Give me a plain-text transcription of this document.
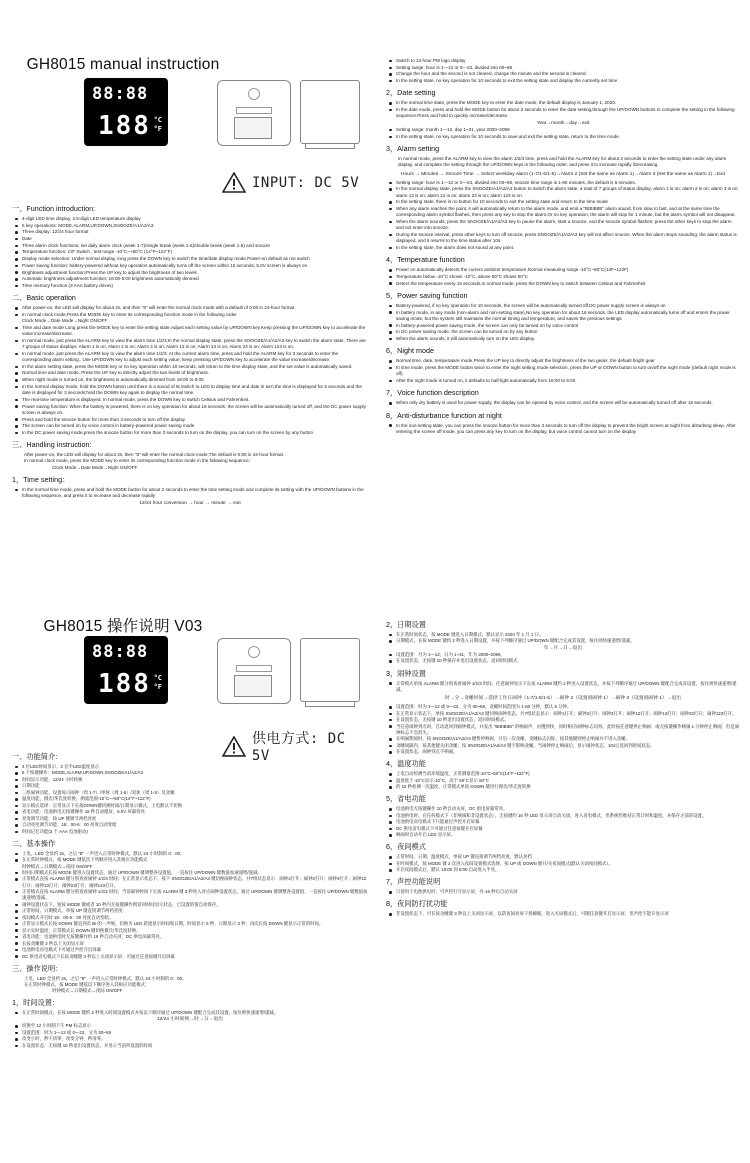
GH8015 manual instruction
88:88
188 °C
°F
INPUT: DC 5V
一、Function introduction:
4-digit LED time display, 2.5-digit LED temperature display
5 key operations: MODE,ALARM,UP,DOWN,SNOOZE/A1/A2/A3
Three display: 12/24 hour format
Date
Three alarm clock functions, set daily alarm clock (week 1-7)/single break (week 1-6)/double break (week 1-5) and snooze
Temperature function: C/F Switch , test range -10°C~+50°C (14°F~122°F)
Display mode selection: Under normal display, long press the DOWN key to switch the time/date display mode,Power-on default as not switch
Power saving function: battery-powered without key operation automatically turns off the screen within 15 seconds, 5.0V screen is always on
Brightness adjustment function;Press the UP key to adjust the brightness of two levels
Automatic brightness adjustment function; 18:00-6:00 brightness automatically dimmed
Time memory function (3 AAA battery drives)
二、Basic operation
After power-on, the LED will display for about 2s, and then "8" will enter the normal clock mode with a default of 0:00 in 24-hour format.
In normal clock mode,Press the MODE key to enter its corresponding function mode in the following order
Clock Mode→Date Mode→Night ON/OFF
Time and date mode Long press the MODE key to enter the setting state.Adjust each setting value by UP/DOWN key.Keep pressing the UP/DOWN key to accelerate the value increase/decrease.
In normal mode, just press the ALARM key to view the alarm time 1/2/3;In the normal display state, press the SNOOZE/A1/A2/A3 key to switch the alarm state, There are 7 groups of status displays: Alarm 1 is on; Alarm 2 is on; Alarm 3 is on; Alarm 12 is on; Alarm 13 is on; Alarm 23 is on; Alarm 123 is on.
In normal mode, just press the ALARM key to view the alarm time 1/2/3. At the current alarm time, press and hold the ALARM key for 3 seconds to enter the corresponding alarm setting.. Use UP/DOWN key to adjust each setting value, keep pressing UP/DOWN key to accelerate the value increase/decrease.
In the alarm setting state, press the MODE key or no key operation within 10 seconds, will return to the time display state, and the set value is automatically saved.
Normal time and date mode, Press the UP key to directly adjust the two levels of brightness.
When night mode is turned on, the brightness is automatically dimmed from 18:00 to 6:00.
In the normal display mode, hold the DOWN button until there is a sound of 8i,Switch to LED to display time and date in turn,the time is displayed for 5 seconds and the date is displayed for 3 seconds;hold the DOWN key again to display the normal time.
The real-time temperature is displayed. In normal mode, press the DOWN key to switch Celsius and Fahrenheit.
Power saving function: When the battery is powered, there is no key operation for about 16 seconds, the screen will be automatically turned off, and the DC power supply screen is always on.
Press and hold the snooze button for more than 3 seconds to turn off the display
The screen can be turned on by voice control in battery-powered power saving mode
In the DC power saving mode,press the snooze button for more than 3 seconds to turn on the display, you can turn on the screen by any button
三、Handling instruction:
After power-on, the LED will display for about 2s, then "8" will enter the normal clock mode,The default is 0:00 in 24-hour format.
In normal clock mode, press the MODE key to enter its corresponding function mode in the following sequence:
Clock Mode→Date Mode→Night ON/OFF
1，Time setting：
In the normal time mode, press and hold the MODE button for about 2 seconds to enter the time setting mode and complete its setting with the UP/DOWN buttons in the following sequence, and press it to increase and decrease rapidly
12/24 hour conversion → hour → minute → exit
Switch to 12-hour PM logo display
Setting range: hour is 1—12 or 0—23, divided into 00~59
Change the hour and the second is not cleared, change the minute and the second is cleared.
In the setting state, no key operation for 10 seconds to exit the setting state and display the currently set time
2，Date setting
In the normal time state, press the MODE key to enter the date mode, the default display is January 1, 2020.
In the date mode, press and hold the MODE button for about 2 seconds to enter the date setting,through the UP/DOWN buttons to complete the setting in the following sequence.Press and hold to quickly increase/decrease.
Year→month→day→exit
Setting range: month 1—12, day 1~31, year 2000~2099
In the setting state, no key operation for 10 seconds to save and exit the setting state, return to the time mode
3，Alarm setting
In normal mode, press the ALARM key to view the alarm 1/2/3 time, press and hold the ALARM key for about 2 seconds to enter the setting state under any alarm display, and complete the setting through the UP/DOWN keys in the following order, and press it to increase rapidly /Decreasing.
Hours → Minutes → Snooze Time → Select weekday alarm (1-7/1-6/1-5)→Alarm 2 (Set the same as Alarm 1)→Alarm 3 (Set the same as Alarm 1)→Exit
Setting range: hour is 1—12 or 0—23, divided into 00~59, snooze time range is 1-60 minutes, the default is 5 minutes.
In the normal display state, press the SNOOZE/A1/A2/A3 button to switch the alarm state, a total of 7 groups of status display: alarm 1 is on; alarm 2 is on; alarm 3 is on; alarm 12 is on; alarm 13 is on; alarm 23 is on; alarm 123 is on.
In the setting state, there is no button for 10 seconds to exit the setting state and return to the time mode
When any alarm reaches the point, it will automatically return to the alarm mode, and emit a "BIBIBIBI" alarm sound, from slow to fast, and at the same time the corresponding alarm symbol flashes, then press any key to stop the alarm,Or no key operation, the alarm will stop for 1 minute, but the alarm symbol will not disappear.
When the alarm sounds, press the SNOOZE/A1/A2/A3 key to pause the alarm, start a snooze, and the snooze symbol flashes; press the other keys to stop the alarm and not enter into snooze.
During the snooze interval, press other keys to turn off snooze; press SNOOZE/A1/A2/A3 key will not affect snooze. When the alarm stops sounding, the alarm status is displayed, and it returns to the time status after 10s.
In the setting state, the alarm does not sound at any point.
4，Temperature function
Power on automatically detects the current ambient temperature,Normal measuring range -10°C~50°C(14F~122F)
Temperature below -10°C shows -10°C, above 50°C shows 50°C
Detect the temperature every 15 seconds,In normal mode, press the DOWN key to switch between Celsius and Fahrenheit
5，Power saving function
Battery-powered, if no key operation for 10 seconds, the screen will be automatically turned off,DC power supply screen is always on
In battery mode, in any mode (non-alarm and non-setting state),No key operation for about 16 seconds, the LED display automatically turns off and enters the power saving mode, but the system still maintains the normal timing and temperature, and saves the previous settings
In battery-powered power saving mode, the screen can only be turned on by voice control
In DC power saving mode, the screen can be turned on by any button
When the alarm sounds, it will automatically turn on the LED display.
6，Night mode
Normal time, date, temperature mode,Press the UP key to directly adjust the brightness of the two gears, the default bright gear
In time mode, press the MODE button twice to enter the night setting mode selection, press the UP or DOWN button to turn on/off the night mode (default night mode is off).
After the night mode is turned on, it defaults to half-light automatically from 18:00 to 6:00.
7，Voice function description
When only dry battery is used for power supply, the display can be opened by voice control, and the screen will be automatically turned off after 16 seconds.
8，Anti-disturbance function at night
In the non-setting state, you can press the snooze button for more than 3 seconds to turn off the display to prevent the bright screen at night from disturbing sleep. After entering the screen off mode, you can press any key to turn on the display, but voice control cannot turn on the display
GH8015 操作说明 V03
88:88
188 °C
°F
供电方式: DC 5V
一、功能简介：
4 位LED时间显示，2 位半LED温度显示
5 个按键操作：MODE,ALARM,UP,DOWN,SNOOZE/A1/A2/A3
时间显示功能，12/24 小时转换
日期功能
三组闹钟功能，设置每日闹钟（周 1-7）/单休（周 1-6）/双休（周 1-5）及贪睡
温度功能，摄氏/华氏度转换，测量范围-10°C~+50°C(14°F~122°F)
显示模式选择：正常显示下长按DOWN键切换时间/日期显示模式，上电默认不切换
省电功能：电池供电无按键操作 15 秒自动熄屏，5.0V 屏幕常亮
亮度调节功能：按 UP 键调节两档亮度
自动亮度调节功能：18：00-6：00 亮度自动变暗
时间记忆功能(3 个 AAA 电池驱动)
二、基本操作
上电，LED 全显约 2s，之后 "8" 一声进入正常时钟模式，默认 24 小时制的 0：00。
在正常时钟模式，按 MODE 键依次下列顺序进入其相应功能模式
时钟模式→日期模式→夜间 ON/OFF
时间日期模式长按 MODE 键进入设置状态，通过 UP/DOWN 键调整各设置值，一直按住 UP/DOWN 键数值加速递增/递减。
正常模式直按 ALARM 键分别查看闹钟 1/2/3 时间；在正常显示状态下，按下 SNOOZE/A1/A2/A3 键切换闹钟状态，共7组状态显示：闹钟1打开；闹钟2打开；闹钟3打开；闹钟12打开；闹钟13打开；闹钟23打开；闹钟123打开。
正常模式直按 ALARM 键分别查看闹钟 1/2/3 时间，当前闹钟时间下长按 ALARM 键 3 秒进入对应闹钟设置状态，通过 UP/DOWN 键调整各设置值，一直按住 UP/DOWN 键数值加速递增/递减。
闹钟设置状态下，短按 MODE 键或者 10 秒内无按键操作则返回时间显示状态，已设置的值自动保存。
正常时间、日期模式，单按 UP 键直接调节两档亮度
夜间模式开启时 18：00-6：00 亮度自动变暗。
正常显示模式长按 DOWN 键直到有 Bi 的一声响，切换为 LED 轮流显示时间和日期，时间显示 5 秒，日期显示 3 秒；再次长按 DOWN 键显示正常的时间。
显示实时温度，正常模式长 DOWN 键切换摄氏/华氏度转换。
省电功能：电池供电时无按键操作约 16 秒自动关屏，DC 供电屏幕常亮。
长按贪睡键 3 秒以上关闭显示屏
电池供电省电模式下可通过声控开启屏幕
DC 供电省电模式下长按贪睡键 3 秒以上关闭显示屏，可通过任意按键开启屏幕
三、操作说明：
上电，LED 全显约 2s，之后 "8" 一声进入正常时钟模式，默认 24 小时制的 0：00。
在正常时钟模式，按 MODE 键依以下顺序进入其相应功能模式：
时钟模式→日期模式→夜间 ON/OFF
1，时间设置：
在正常时间模式，长按 MODE 键约 2 秒进入时间设置模式并按以下顺序通过 UP/DOWN 键配合完成其设置，按住则快速递增/递减。
12/24 小时转换→时→分→退出
切换至 12 小时制下午 PM 标志显示
设置范围：时为 1—12 或 0—23，分为 00~59
改变小时，秒不清零，改变分钟，秒清零。
在设置状态，无按键 10 秒退出设置状态，并显示当前所设置的时间
2，日期设置
在正常时间状态，按 MODE 键进入日期模式，默认显示 2020 年 1 月 1 日。
日期模式，长按 MODE 键约 2 秒进入日期设置，并按下列顺序通过 UP/DOWN 键配合完成其设置，按住则快速递增/递减。
年→月→日→退出
设置范围：月为 1—12，日为 1~31，年为 2000~2099。
在设置状态，无按键 10 秒保存并退出设置状态，返回时间模式
3，闹钟设置
正常模式单按 ALARM 键分别查看闹钟 1/2/3 时间，任意闹钟显示下长按 ALARM 键约 2 秒进入设置状态，并按下列顺序通过 UP/DOWN 键配合完成其设置，按住则快速递增/递减。
时→分→贪睡时间→选择工作日闹钟（1-7/1-6/1-5）→闹钟 2（设置同闹钟 1）→闹钟 3（设置同闹钟 1）→退出
设置范围：时为 1—12 或 0—23，分为 00~59，贪睡时间范围为 1-60 分钟，默认 5 分钟。
在正常显示状态下，单按 SNOOZE/A1/A2/A3 键切换闹钟状态，共7组状态显示：闹钟1打开；闹钟2打开；闹钟3打开；闹钟12打开；闹钟13打开；闹钟23打开；闹钟123打开。
在设置状态，无按键 10 秒退出设置状态，返回时间模式。
当任意闹钟到点时，自动返回到闹钟模式，并发出 "BIBIBIBI" 的响闹声，由慢到快，同时相应闹钟标志闪烁，此时按任意键停止响闹；或无按键操作响闹 1 分钟停止响闹，但是闹钟标志不会消失。
在响闹期间时，按 SNOOZE/A1/A2/A3 键暂停响闹，开启一次贪睡，贪睡标志闪烁；按其他键则停止响闹并不进入贪睡。
贪睡间隔内，按其他键关闭贪睡；按 SNOOZE/A1/A2/A3 键不影响贪睡。当闹钟停止响闹后，显示闹钟状态，10s后返回到时间状态。
在设置状态，闹钟到点不响闹。
4，温度功能
上电自动检测当前环境温度，正常测量范围-10°C~50°C(14°F~122°F)
温度低于-10°C显示-10°C，高于 50°C显示 50°C
约 15 秒检测一次温度，正常模式单按 DOWN 键进行摄氏/华氏度转换
5，省电功能
电池供电无按键操作 10 秒自动关屏，DC 供电屏幕常亮。
电池供电时，在任何模式下（非响闹和非设置状态），无按键约 16 秒 LED 显示屏自动关闭，进入省电模式，但系统仍维持正常计时和温度，并保存之前的设置。
电池供电省电模式下只能通过声控开启屏幕
DC 供电省电模式下可通过任意按键开启屏幕
响闹时自动开启 LED 显示屏。
6，夜间模式
正常时间、日期、温度模式，单按 UP 键直接调节两档亮度，默认亮档
在时间模式，按 MODE 键 2 次进入夜间设置模式选择，按 UP 或 DOWN 键开/关夜间模式(默认关闭夜间模式）。
开启夜间模式后，默认 18:00 到 6:00 自动进入半亮。
7，声控功能说明
只使用干电池供电时，可声控打开显示屏，亮 16 秒后自动关屏
8，夜间防打扰功能
非设置状态下，可长按贪睡键 3 秒以上关闭显示屏，以防夜间亮屏干扰睡眠，进入关屏模式后，可随任意键开启显示屏，但声控不能开显示屏
